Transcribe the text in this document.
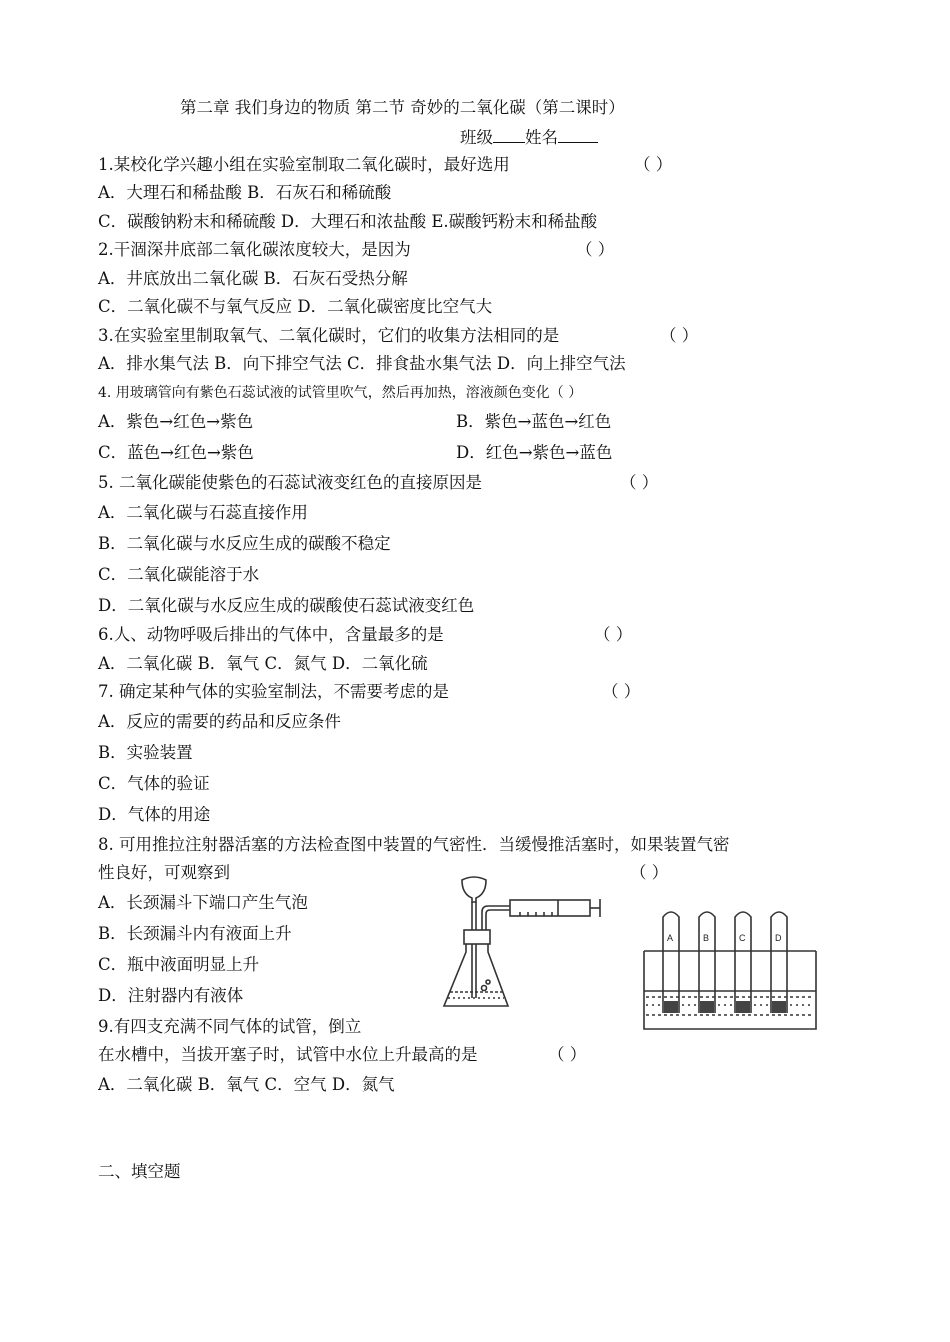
第二章 我们身边的物质 第二节 奇妙的二氧化碳（第二课时）
班级 姓名
1.某校化学兴趣小组在实验室制取二氧化碳时，最好选用	（ ）
A．大理石和稀盐酸 B．石灰石和稀硫酸
C．碳酸钠粉末和稀硫酸 D．大理石和浓盐酸 E.碳酸钙粉末和稀盐酸
2.干涸深井底部二氧化碳浓度较大，是因为	（ ）
A．井底放出二氧化碳 B．石灰石受热分解
C．二氧化碳不与氧气反应 D．二氧化碳密度比空气大
3.在实验室里制取氧气、二氧化碳时，它们的收集方法相同的是	（ ）
A．排水集气法 B．向下排空气法 C．排食盐水集气法 D．向上排空气法
4. 用玻璃管向有紫色石蕊试液的试管里吹气，然后再加热，溶液颜色变化（ ）
A．紫色→红色→紫色	B．紫色→蓝色→红色
C．蓝色→红色→紫色	D．红色→紫色→蓝色
5. 二氧化碳能使紫色的石蕊试液变红色的直接原因是	（ ）
A．二氧化碳与石蕊直接作用
B．二氧化碳与水反应生成的碳酸不稳定
C．二氧化碳能溶于水
D．二氧化碳与水反应生成的碳酸使石蕊试液变红色
6.人、动物呼吸后排出的气体中，含量最多的是	（ ）
A．二氧化碳 B．氧气 C．氮气 D．二氧化硫
7. 确定某种气体的实验室制法，不需要考虑的是	（ ）
A．反应的需要的药品和反应条件
B．实验装置
C．气体的验证
D．气体的用途
8. 可用推拉注射器活塞的方法检查图中装置的气密性．当缓慢推活塞时，如果装置气密
性良好，可观察到	（ ）
A．长颈漏斗下端口产生气泡
B．长颈漏斗内有液面上升
C．瓶中液面明显上升
D．注射器内有液体
A	B	C	D
9.有四支充满不同气体的试管，倒立
在水槽中，当拔开塞子时，试管中水位上升最高的是	（ ）
A．二氧化碳 B．氧气 C．空气 D．氮气
二、填空题
